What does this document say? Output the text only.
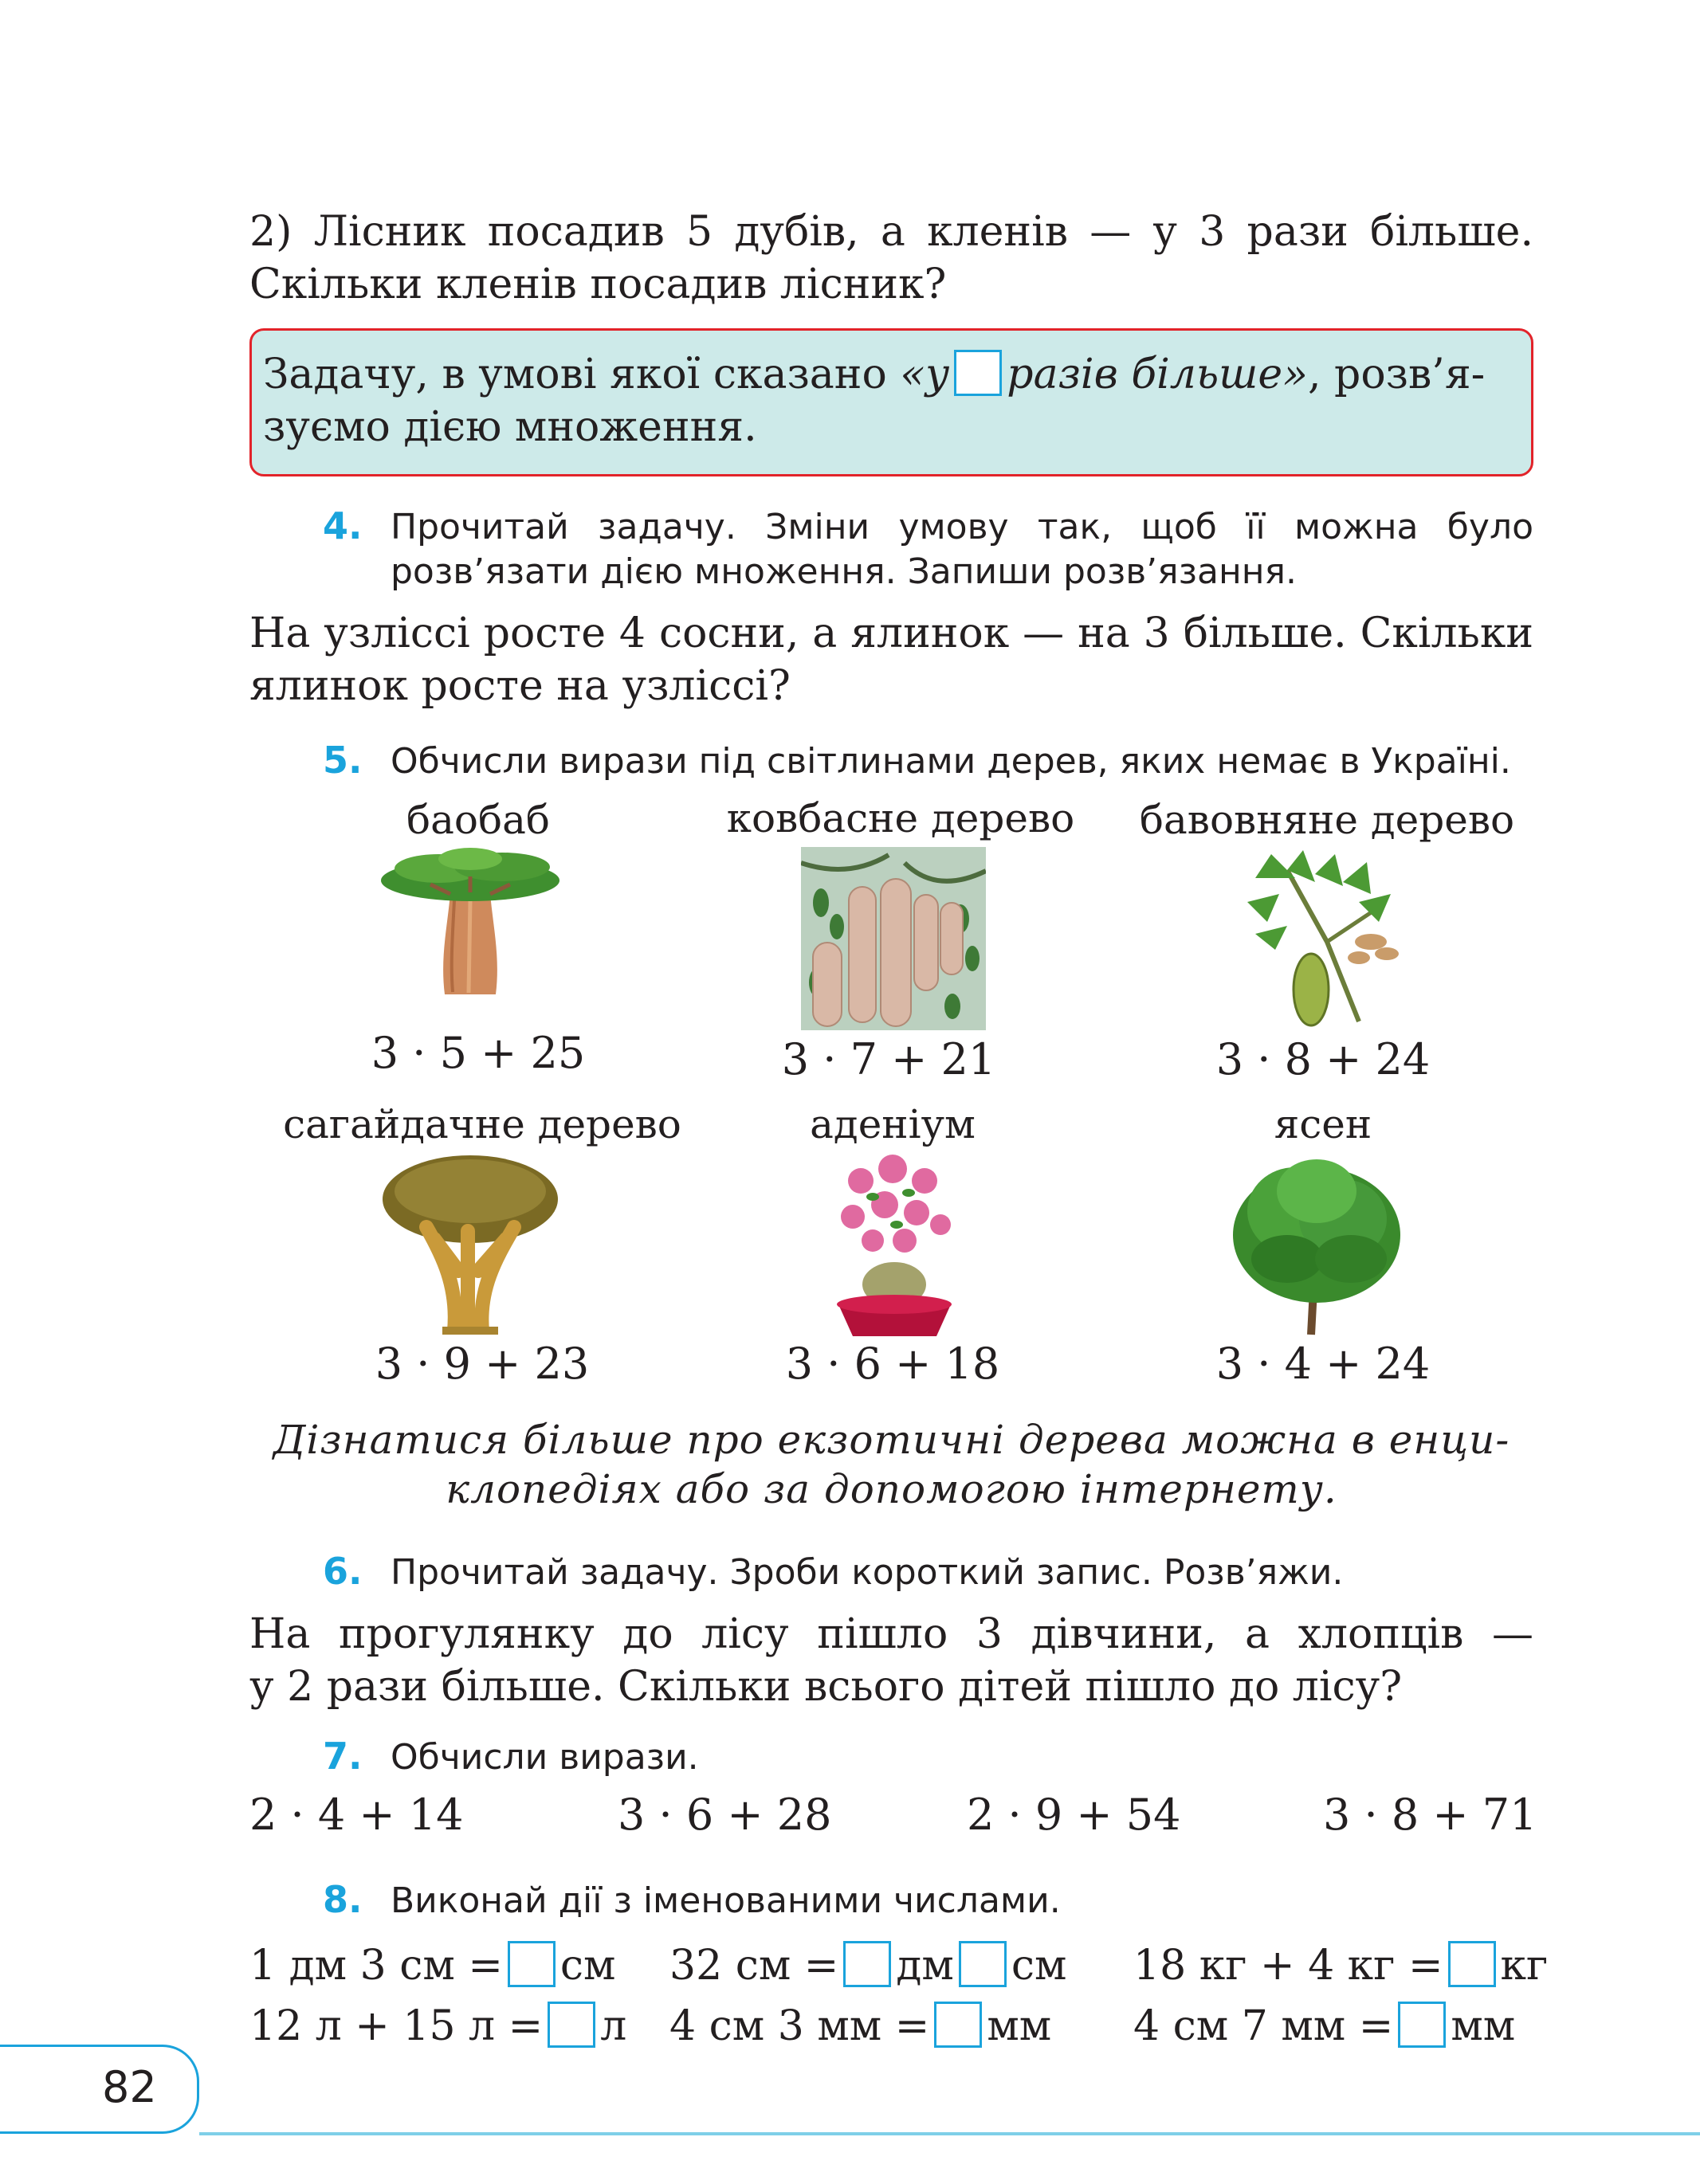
2) Лісник посадив 5 дубів, а кленів — у 3 рази більше.
Скільки кленів посадив лісник?
Задачу, в умові якої сказано «у разів більше», розв’я-
зуємо дією множення.
4. Прочитай задачу. Зміни умову так, щоб її можна було
розв’язати дією множення. Запиши розв’язання.
На узліссі росте 4 сосни, а ялинок — на 3 більше. Скільки
ялинок росте на узліссі?
5. Обчисли вирази під світлинами дерев, яких немає в Україні.
баобаб	ковбасне дерево	бавовняне дерево
3 · 5 + 25	3 · 7 + 21	3 · 8 + 24
сагайдачне дерево	аденіум	ясен
3 · 9 + 23	3 · 6 + 18	3 · 4 + 24
Дізнатися більше про екзотичні дерева можна в енци-
клопедіях або за допомогою інтернету.
6. Прочитай задачу. Зроби короткий запис. Розв’яжи.
На прогулянку до лісу пішло 3 дівчини, а хлопців —
у 2 рази більше. Скільки всього дітей пішло до лісу?
7. Обчисли вирази.
2 · 4 + 14	3 · 6 + 28	2 · 9 + 54	3 · 8 + 71
8. Виконай дії з іменованими числами.
1 дм 3 см = см 32 см = дм см 18 кг + 4 кг = кг
12 л + 15 л = л 4 см 3 мм = мм 4 см 7 мм = мм
82
